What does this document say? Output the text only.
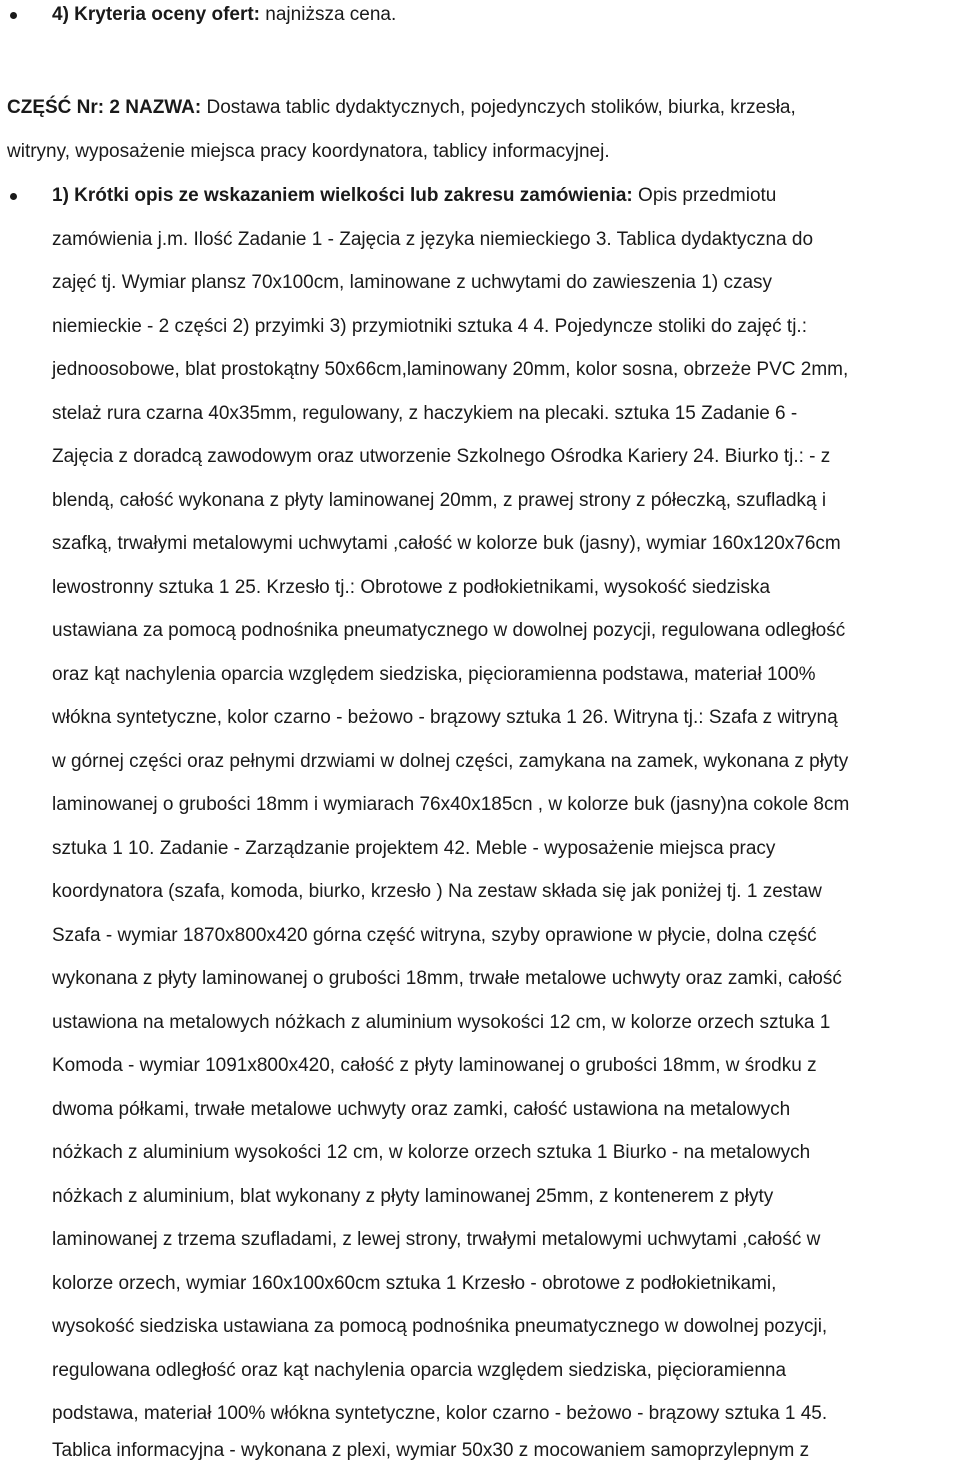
4) Kryteria oceny ofert: najniższa cena.
CZĘŚĆ Nr: 2 NAZWA: Dostawa tablic dydaktycznych, pojedynczych stolików, biurka, krzesła,
witryny, wyposażenie miejsca pracy koordynatora, tablicy informacyjnej.
1) Krótki opis ze wskazaniem wielkości lub zakresu zamówienia: Opis przedmiotu
zamówienia j.m. Ilość Zadanie 1 - Zajęcia z języka niemieckiego 3. Tablica dydaktyczna do
zajęć tj. Wymiar plansz 70x100cm, laminowane z uchwytami do zawieszenia 1) czasy
niemieckie - 2 części 2) przyimki 3) przymiotniki sztuka 4 4. Pojedyncze stoliki do zajęć tj.:
jednoosobowe, blat prostokątny 50x66cm,laminowany 20mm, kolor sosna, obrzeże PVC 2mm,
stelaż rura czarna 40x35mm, regulowany, z haczykiem na plecaki. sztuka 15 Zadanie 6 -
Zajęcia z doradcą zawodowym oraz utworzenie Szkolnego Ośrodka Kariery 24. Biurko tj.: - z
blendą, całość wykonana z płyty laminowanej 20mm, z prawej strony z półeczką, szufladką i
szafką, trwałymi metalowymi uchwytami ,całość w kolorze buk (jasny), wymiar 160x120x76cm
lewostronny sztuka 1 25. Krzesło tj.: Obrotowe z podłokietnikami, wysokość siedziska
ustawiana za pomocą podnośnika pneumatycznego w dowolnej pozycji, regulowana odległość
oraz kąt nachylenia oparcia względem siedziska, pięcioramienna podstawa, materiał 100%
włókna syntetyczne, kolor czarno - beżowo - brązowy sztuka 1 26. Witryna tj.: Szafa z witryną
w górnej części oraz pełnymi drzwiami w dolnej części, zamykana na zamek, wykonana z płyty
laminowanej o grubości 18mm i wymiarach 76x40x185cn , w kolorze buk (jasny)na cokole 8cm
sztuka 1 10. Zadanie - Zarządzanie projektem 42. Meble - wyposażenie miejsca pracy
koordynatora (szafa, komoda, biurko, krzesło ) Na zestaw składa się jak poniżej tj. 1 zestaw
Szafa - wymiar 1870x800x420 górna część witryna, szyby oprawione w płycie, dolna część
wykonana z płyty laminowanej o grubości 18mm, trwałe metalowe uchwyty oraz zamki, całość
ustawiona na metalowych nóżkach z aluminium wysokości 12 cm, w kolorze orzech sztuka 1
Komoda - wymiar 1091x800x420, całość z płyty laminowanej o grubości 18mm, w środku z
dwoma półkami, trwałe metalowe uchwyty oraz zamki, całość ustawiona na metalowych
nóżkach z aluminium wysokości 12 cm, w kolorze orzech sztuka 1 Biurko - na metalowych
nóżkach z aluminium, blat wykonany z płyty laminowanej 25mm, z kontenerem z płyty
laminowanej z trzema szufladami, z lewej strony, trwałymi metalowymi uchwytami ,całość w
kolorze orzech, wymiar 160x100x60cm sztuka 1 Krzesło - obrotowe z podłokietnikami,
wysokość siedziska ustawiana za pomocą podnośnika pneumatycznego w dowolnej pozycji,
regulowana odległość oraz kąt nachylenia oparcia względem siedziska, pięcioramienna
podstawa, materiał 100% włókna syntetyczne, kolor czarno - beżowo - brązowy sztuka 1 45.
Tablica informacyjna - wykonana z plexi, wymiar 50x30 z mocowaniem samoprzylepnym z
